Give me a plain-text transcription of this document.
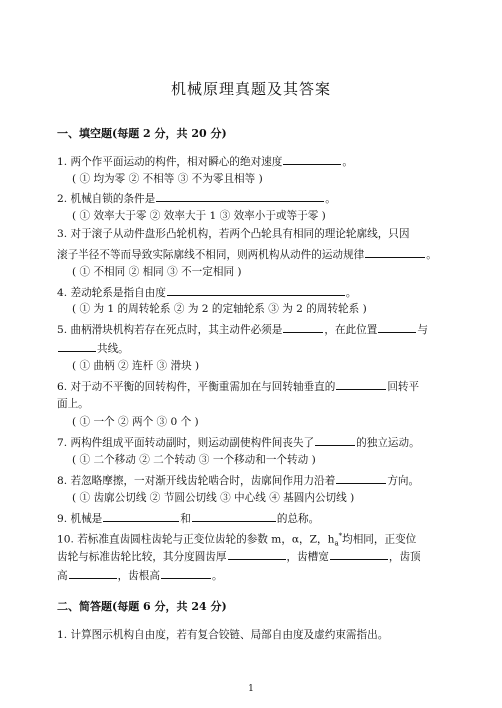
机械原理真题及其答案
一、填空题(每题 2 分，共 20 分)
1. 两个作平面运动的构件，相对瞬心的绝对速度	。
( ① 均为零 ② 不相等 ③ 不为零且相等 )
2. 机械自锁的条件是	。
( ① 效率大于零 ② 效率大于 1 ③ 效率小于或等于零 )
3. 对于滚子从动件盘形凸轮机构，若两个凸轮具有相同的理论轮廓线，只因
滚子半径不等而导致实际廓线不相同，则两机构从动件的运动规律	。
( ① 不相同 ② 相同 ③ 不一定相同 )
4. 差动轮系是指自由度	。
( ① 为 1 的周转轮系 ② 为 2 的定轴轮系 ③ 为 2 的周转轮系 )
5. 曲柄滑块机构若存在死点时，其主动件必须是	，在此位置	与
共线。
( ① 曲柄 ② 连杆 ③ 滑块 )
6. 对于动不平衡的回转构件，平衡重需加在与回转轴垂直的	回转平
面上。
( ① 一个 ② 两个 ③ 0 个 )
7. 两构件组成平面转动副时，则运动副使构件间丧失了	的独立运动。
( ① 二个移动 ② 二个转动 ③ 一个移动和一个转动 )
8. 若忽略摩擦，一对渐开线齿轮啮合时，齿廓间作用力沿着	方向。
( ① 齿廓公切线 ② 节圆公切线 ③ 中心线 ④ 基圆内公切线 )
9. 机械是	和	的总称。
10. 若标准直齿圆柱齿轮与正变位齿轮的参数 m，α，Z，$h_a^*$均相同，正变位
齿轮与标准齿轮比较，其分度圆齿厚	，齿槽宽	，齿顶
高	，齿根高	。
二、简答题(每题 6 分，共 24 分)
1. 计算图示机构自由度，若有复合铰链、局部自由度及虚约束需指出。
1
